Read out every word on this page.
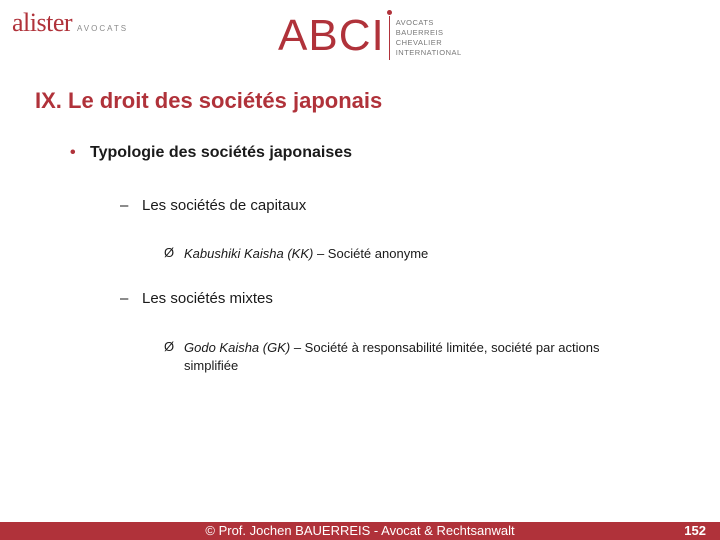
alister AVOCATS	ABCI AVOCATS
BAUERREIS
CHEVALIER
INTERNATIONAL
IX. Le droit des sociétés japonais
• Typologie des sociétés japonaises
– Les sociétés de capitaux
Ø Kabushiki Kaisha (KK) – Société anonyme
– Les sociétés mixtes
Ø Godo Kaisha (GK) – Société à responsabilité limitée, société par actions simplifiée
© Prof. Jochen BAUERREIS - Avocat & Rechtsanwalt	152
